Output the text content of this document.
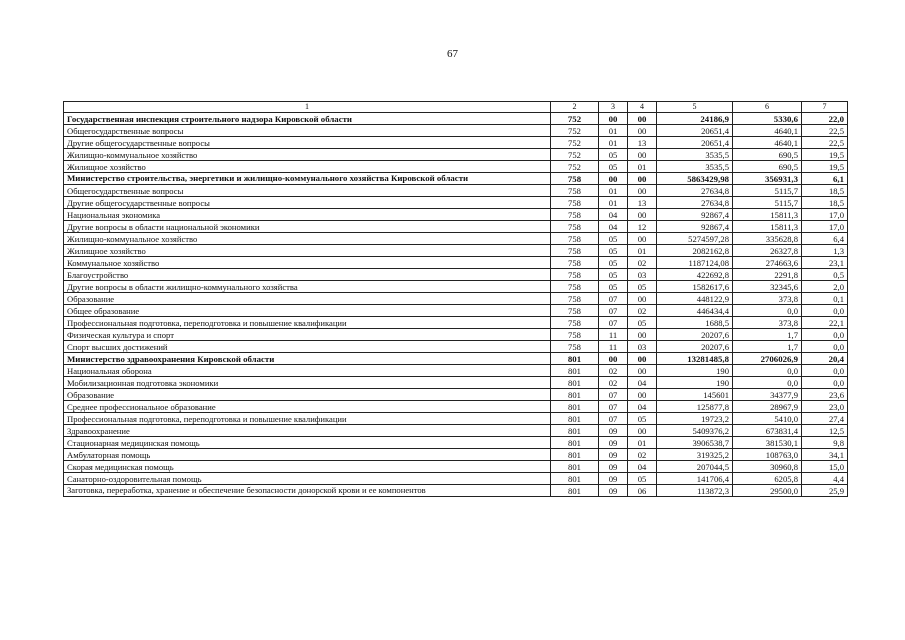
67
1	2	3	4	5	6	7
Государственная инспекция строительного надзора Кировской области	752	00	00	24186,9	5330,6	22,0
Общегосударственные вопросы	752	01	00	20651,4	4640,1	22,5
Другие общегосударственные вопросы	752	01	13	20651,4	4640,1	22,5
Жилищно-коммунальное хозяйство	752	05	00	3535,5	690,5	19,5
Жилищное хозяйство	752	05	01	3535,5	690,5	19,5
Министерство строительства, энергетики и жилищно-коммунального хозяйства Кировской области	758	00	00	5863429,98	356931,3	6,1
Общегосударственные вопросы	758	01	00	27634,8	5115,7	18,5
Другие общегосударственные вопросы	758	01	13	27634,8	5115,7	18,5
Национальная экономика	758	04	00	92867,4	15811,3	17,0
Другие вопросы в области национальной экономики	758	04	12	92867,4	15811,3	17,0
Жилищно-коммунальное хозяйство	758	05	00	5274597,28	335628,8	6,4
Жилищное хозяйство	758	05	01	2082162,8	26327,8	1,3
Коммунальное хозяйство	758	05	02	1187124,08	274663,6	23,1
Благоустройство	758	05	03	422692,8	2291,8	0,5
Другие вопросы в области жилищно-коммунального хозяйства	758	05	05	1582617,6	32345,6	2,0
Образование	758	07	00	448122,9	373,8	0,1
Общее образование	758	07	02	446434,4	0,0	0,0
Профессиональная подготовка, переподготовка и повышение квалификации	758	07	05	1688,5	373,8	22,1
Физическая культура и спорт	758	11	00	20207,6	1,7	0,0
Спорт высших достижений	758	11	03	20207,6	1,7	0,0
Министерство здравоохранения Кировской области	801	00	00	13281485,8	2706026,9	20,4
Национальная оборона	801	02	00	190	0,0	0,0
Мобилизационная подготовка экономики	801	02	04	190	0,0	0,0
Образование	801	07	00	145601	34377,9	23,6
Среднее профессиональное образование	801	07	04	125877,8	28967,9	23,0
Профессиональная подготовка, переподготовка и повышение квалификации	801	07	05	19723,2	5410,0	27,4
Здравоохранение	801	09	00	5409376,2	673831,4	12,5
Стационарная медицинская помощь	801	09	01	3906538,7	381530,1	9,8
Амбулаторная помощь	801	09	02	319325,2	108763,0	34,1
Скорая медицинская помощь	801	09	04	207044,5	30960,8	15,0
Санаторно-оздоровительная помощь	801	09	05	141706,4	6205,8	4,4
Заготовка, переработка, хранение и обеспечение безопасности донорской крови и ее компонентов	801	09	06	113872,3	29500,0	25,9
